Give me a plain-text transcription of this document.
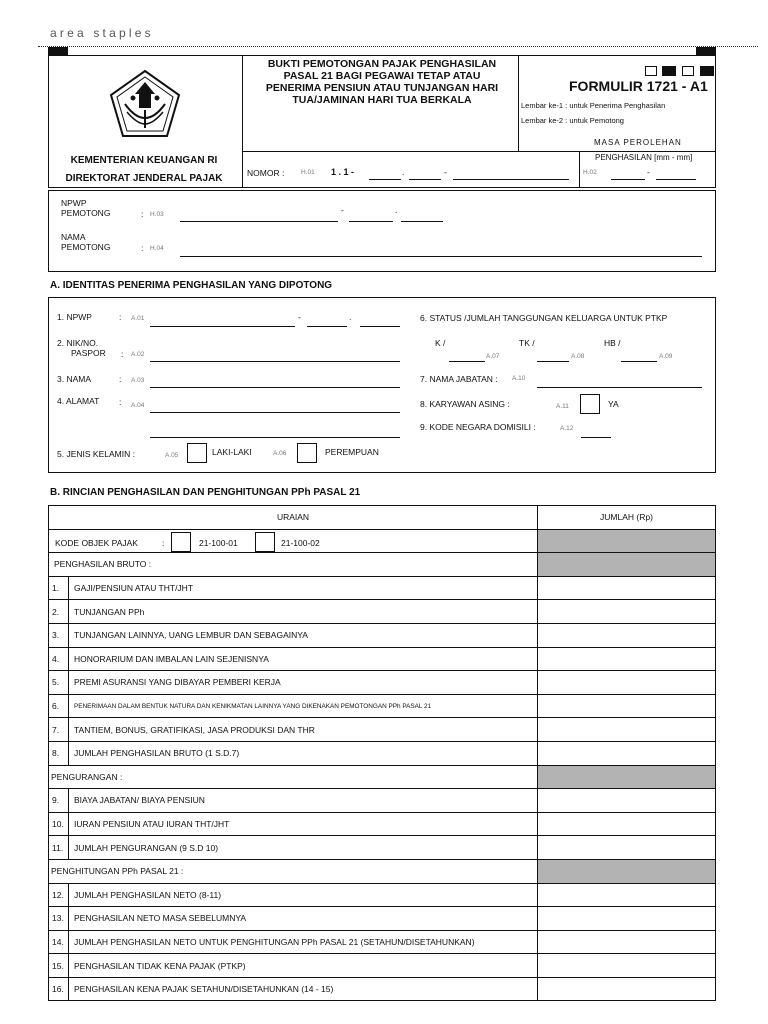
area staples
BUKTI PEMOTONGAN PAJAK PENGHASILAN
PASAL 21 BAGI PEGAWAI TETAP ATAU
PENERIMA PENSIUN ATAU TUNJANGAN HARI
TUA/JAMINAN HARI TUA BERKALA
FORMULIR 1721 - A1
Lembar ke-1 : untuk Penerima Penghasilan
Lembar ke-2 : untuk Pemotong
MASA PEROLEHAN
KEMENTERIAN KEUANGAN RI
DIREKTORAT JENDERAL PAJAK	NOMOR :	H.01 1 . 1 -	.	-
PENGHASILAN [mm - mm]
H.02	-
NPWP
PEMOTONG	: H.03	-	.
NAMA
PEMOTONG	: H.04
A. IDENTITAS PENERIMA PENGHASILAN YANG DIPOTONG
1. NPWP	: A.01	-	.
2. NIK/NO.
PASPOR : A.02
3. NAMA	: A.03
4. ALAMAT : A.04
5. JENIS KELAMIN :	A.05	LAKI-LAKI	A.06	PEREMPUAN
6. STATUS /JUMLAH TANGGUNGAN KELUARGA UNTUK PTKP
K /
A.07
TK /
A.08
HB /
A.09
7. NAMA JABATAN : A.10
8. KARYAWAN ASING :	A.11	YA
9. KODE NEGARA DOMISILI :	A.12
B. RINCIAN PENGHASILAN DAN PENGHITUNGAN PPh PASAL 21
URAIAN		JUMLAH (Rp)

KODE OBJEK PAJAK : 21-100-01 21-100-02		

PENGHASILAN BRUTO :		
1.	GAJI/PENSIUN ATAU THT/JHT	
2.	TUNJANGAN PPh	
3.	TUNJANGAN LAINNYA, UANG LEMBUR DAN SEBAGAINYA	
4.	HONORARIUM DAN IMBALAN LAIN SEJENISNYA	
5.	PREMI ASURANSI YANG DIBAYAR PEMBERI KERJA	
6.	PENERIMAAN DALAM BENTUK NATURA DAN KENIKMATAN LAINNYA YANG DIKENAKAN PEMOTONGAN PPh PASAL 21	
7.	TANTIEM, BONUS, GRATIFIKASI, JASA PRODUKSI DAN THR	
8.	JUMLAH PENGHASILAN BRUTO (1 S.D.7)	
PENGURANGAN :		
9.	BIAYA JABATAN/ BIAYA PENSIUN	
10.	IURAN PENSIUN ATAU IURAN THT/JHT	
11.	JUMLAH PENGURANGAN (9 S.D 10)	
PENGHITUNGAN PPh PASAL 21 :		
12.	JUMLAH PENGHASILAN NETO (8-11)	
13.	PENGHASILAN NETO MASA SEBELUMNYA	
14.	JUMLAH PENGHASILAN NETO UNTUK PENGHITUNGAN PPh PASAL 21 (SETAHUN/DISETAHUNKAN)	
15.	PENGHASILAN TIDAK KENA PAJAK (PTKP)	
16.	PENGHASILAN KENA PAJAK SETAHUN/DISETAHUNKAN (14 - 15)	
